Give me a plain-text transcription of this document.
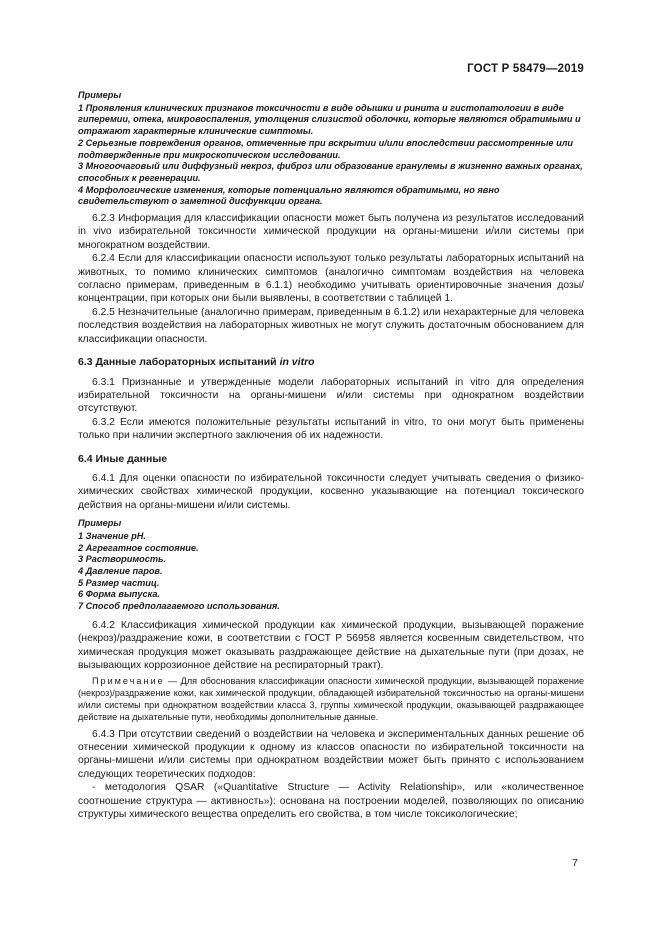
ГОСТ Р 58479—2019

Примеры

1 Проявления клинических признаков токсичности в виде одышки и ринита и гистопатологии в виде гиперемии, отека, микровоспаления, утолщения слизистой оболочки, которые являются обратимыми и отражают характерные клинические симптомы.

2 Серьезные повреждения органов, отмеченные при вскрытии и/или впоследствии рассмотренные или подтвержденные при микроскопическом исследовании.

3 Многоочаговый или диффузный некроз, фиброз или образование гранулемы в жизненно важных органах, способных к регенерации.

4 Морфологические изменения, которые потенциально являются обратимыми, но явно свидетельствуют о заметной дисфункции органа.

6.2.3 Информация для классификации опасности может быть получена из результатов исследований in vivo избирательной токсичности химической продукции на органы-мишени и/или системы при многократном воздействии.

6.2.4 Если для классификации опасности используют только результаты лабораторных испытаний на животных, то помимо клинических симптомов (аналогично симптомам воздействия на человека согласно примерам, приведенным в 6.1.1) необходимо учитывать ориентировочные значения дозы/концентрации, при которых они были выявлены, в соответствии с таблицей 1.

6.2.5 Незначительные (аналогично примерам, приведенным в 6.1.2) или нехарактерные для человека последствия воздействия на лабораторных животных не могут служить достаточным обоснованием для классификации опасности.

6.3 Данные лабораторных испытаний in vitro

6.3.1 Признанные и утвержденные модели лабораторных испытаний in vitro для определения избирательной токсичности на органы-мишени и/или системы при однократном воздействии отсутствуют.

6.3.2 Если имеются положительные результаты испытаний in vitro, то они могут быть применены только при наличии экспертного заключения об их надежности.

6.4 Иные данные

6.4.1 Для оценки опасности по избирательной токсичности следует учитывать сведения о физико-химических свойствах химической продукции, косвенно указывающие на потенциал токсического действия на органы-мишени и/или системы.

Примеры

1 Значение pH.

2 Агрегатное состояние.

3 Растворимость.

4 Давление паров.

5 Размер частиц.

6 Форма выпуска.

7 Способ предполагаемого использования.

6.4.2 Классификация химической продукции как химической продукции, вызывающей поражение (некроз)/раздражение кожи, в соответствии с ГОСТ Р 56958 является косвенным свидетельством, что химическая продукция может оказывать раздражающее действие на дыхательные пути (при дозах, не вызывающих коррозионное действие на респираторный тракт).

Примечание — Для обоснования классификации опасности химической продукции, вызывающей поражение (некроз)/раздражение кожи, как химической продукции, обладающей избирательной токсичностью на органы-мишени и/или системы при однократном воздействии класса 3, группы химической продукции, оказывающей раздражающее действие на дыхательные пути, необходимы дополнительные данные.

6.4.3 При отсутствии сведений о воздействии на человека и экспериментальных данных решение об отнесении химической продукции к одному из классов опасности по избирательной токсичности на органы-мишени и/или системы при однократном воздействии может быть принято с использованием следующих теоретических подходов:

- методология QSAR («Quantitative Structure — Activity Relationship», или «количественное соотношение структура — активность»): основана на построении моделей, позволяющих по описанию структуры химического вещества определить его свойства, в том числе токсикологические;

7
